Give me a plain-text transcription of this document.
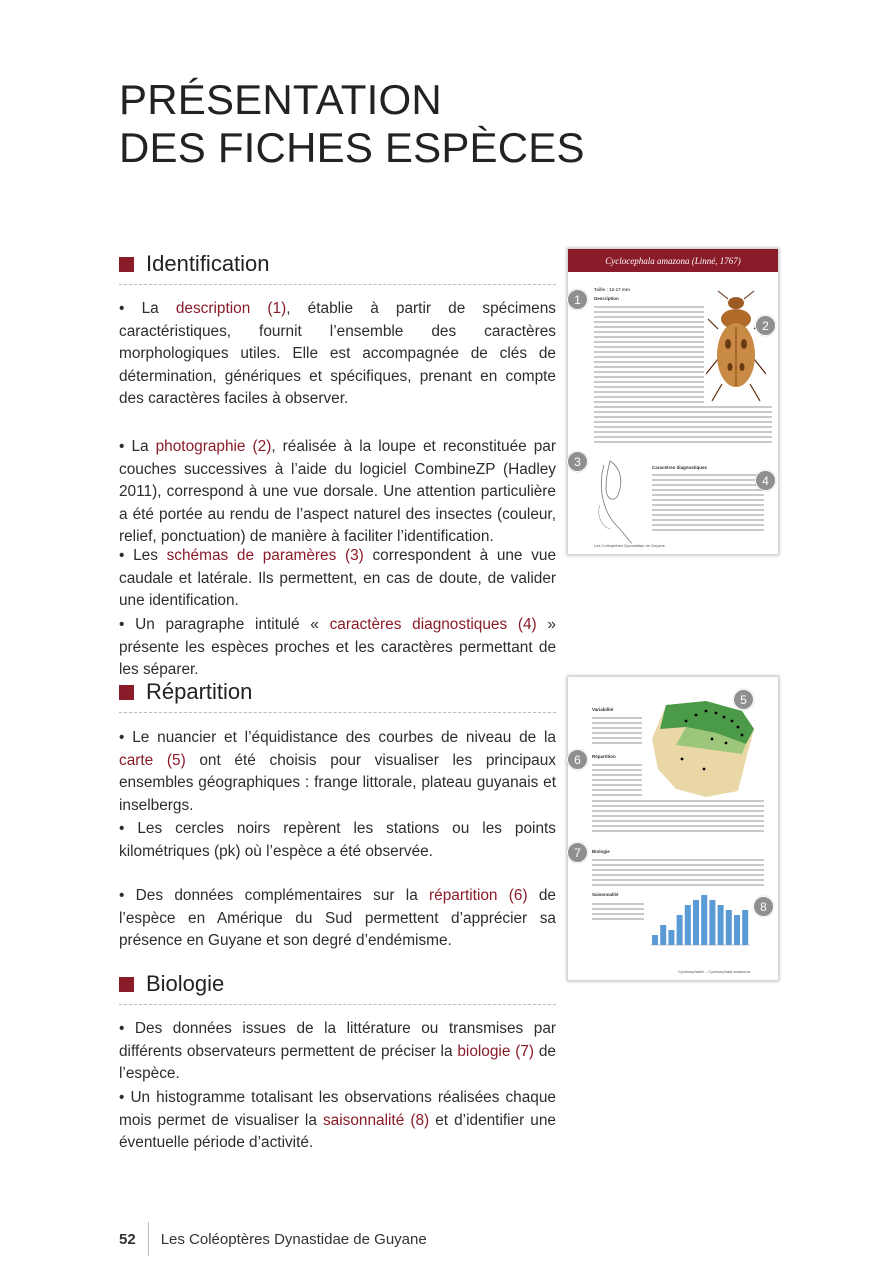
PRÉSENTATION
DES FICHES ESPÈCES
Identification
• La description (1), établie à partir de spécimens caractéristiques, fournit l’ensemble des caractères morphologiques utiles. Elle est accompagnée de clés de détermination, génériques et spécifiques, prenant en compte des caractères faciles à observer.
• La photographie (2), réalisée à la loupe et reconstituée par couches successives à l’aide du logiciel CombineZP (Hadley 2011), correspond à une vue dorsale. Une attention particulière a été portée au rendu de l’aspect naturel des insectes (couleur, relief, ponctuation) de manière à faciliter l’identification.
• Les schémas de paramères (3) correspondent à une vue caudale et latérale. Ils permettent, en cas de doute, de valider une identification.
• Un paragraphe intitulé « caractères diagnostiques (4) » présente les espèces proches et les caractères permettant de les séparer.
Répartition
• Le nuancier et l’équidistance des courbes de niveau de la carte (5) ont été choisis pour visualiser les principaux ensembles géographiques : frange littorale, plateau guyanais et inselbergs.
• Les cercles noirs repèrent les stations ou les points kilométriques (pk) où l’espèce a été observée.
• Des données complémentaires sur la répartition (6) de l’espèce en Amérique du Sud permettent d’apprécier sa présence en Guyane et son degré d’endémisme.
Biologie
• Des données issues de la littérature ou transmises par différents observateurs permettent de préciser la biologie (7) de l’espèce.
• Un histogramme totalisant les observations réalisées chaque mois permet de visualiser la saisonnalité (8) et d’identifier une éventuelle période d’activité.
52 Les Coléoptères Dynastidae de Guyane
Cyclocephala amazona (Linné, 1767)
Taille : 12-17 mm
Description
Caractères diagnostiques
Les Coléoptères Dynastidae de Guyane
Variabilité
Répartition
Biologie
Saisonnalité
Cyclocephalini – Cyclocephala amazona
1
2
3
4
5
6
7
8
